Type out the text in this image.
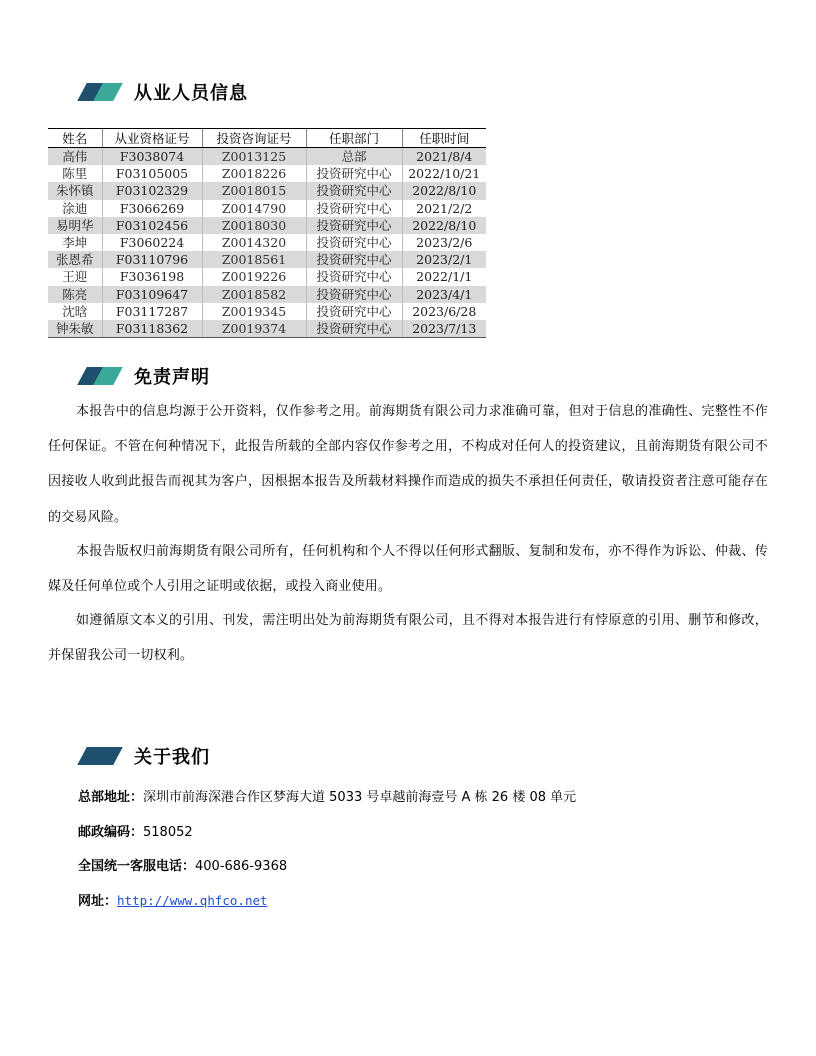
从业人员信息
姓名	从业资格证号	投资咨询证号	任职部门	任职时间
高伟	F3038074	Z0013125	总部	2021/8/4
陈里	F03105005	Z0018226	投资研究中心	2022/10/21
朱怀镇	F03102329	Z0018015	投资研究中心	2022/8/10
涂迪	F3066269	Z0014790	投资研究中心	2021/2/2
易明华	F03102456	Z0018030	投资研究中心	2022/8/10
李坤	F3060224	Z0014320	投资研究中心	2023/2/6
张恩希	F03110796	Z0018561	投资研究中心	2023/2/1
王迎	F3036198	Z0019226	投资研究中心	2022/1/1
陈亮	F03109647	Z0018582	投资研究中心	2023/4/1
沈晗	F03117287	Z0019345	投资研究中心	2023/6/28
钟朱敏	F03118362	Z0019374	投资研究中心	2023/7/13
免责声明

本报告中的信息均源于公开资料，仅作参考之用。前海期货有限公司力求准确可靠，但对于信息的准确性、完整性不作任何保证。不管在何种情况下，此报告所载的全部内容仅作参考之用，不构成对任何人的投资建议，且前海期货有限公司不因接收人收到此报告而视其为客户，因根据本报告及所载材料操作而造成的损失不承担任何责任，敬请投资者注意可能存在的交易风险。

本报告版权归前海期货有限公司所有，任何机构和个人不得以任何形式翻版、复制和发布，亦不得作为诉讼、仲裁、传媒及任何单位或个人引用之证明或依据，或投入商业使用。

如遵循原文本义的引用、刊发，需注明出处为前海期货有限公司，且不得对本报告进行有悖原意的引用、删节和修改，并保留我公司一切权利。

关于我们
总部地址：深圳市前海深港合作区梦海大道 5033 号卓越前海壹号 A 栋 26 楼 08 单元
邮政编码：518052
全国统一客服电话：400-686-9368
网址：http://www.qhfco.net
